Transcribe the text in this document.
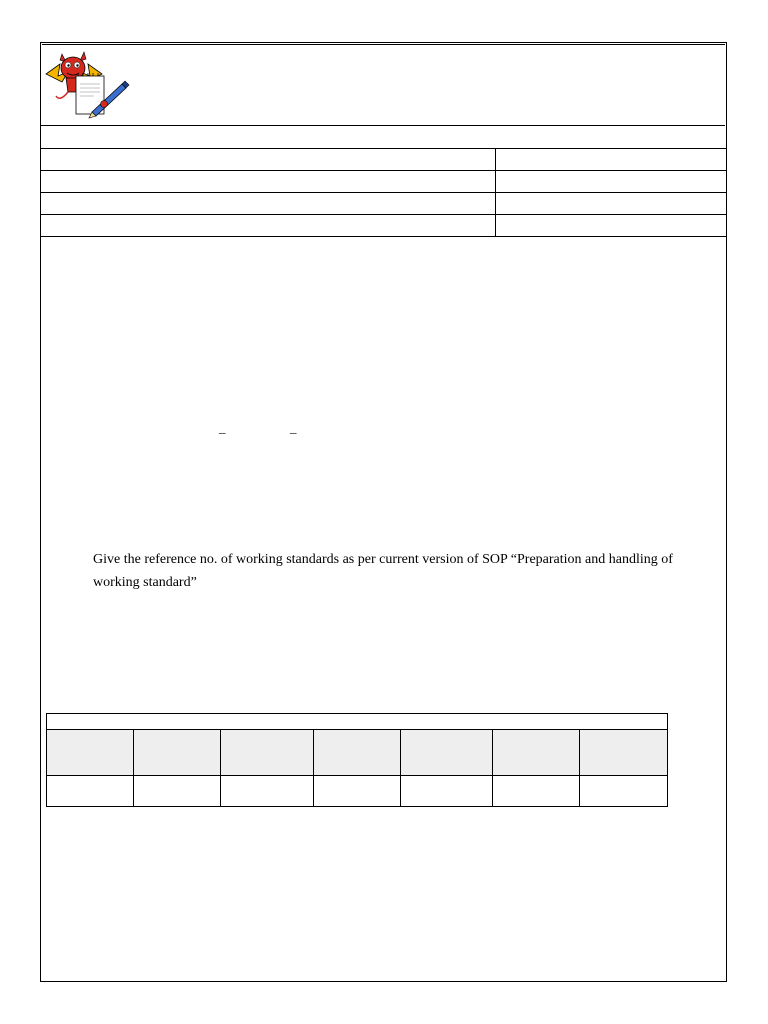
_	_
Give the reference no. of working standards as per current version of SOP “Preparation and handling of working standard”
